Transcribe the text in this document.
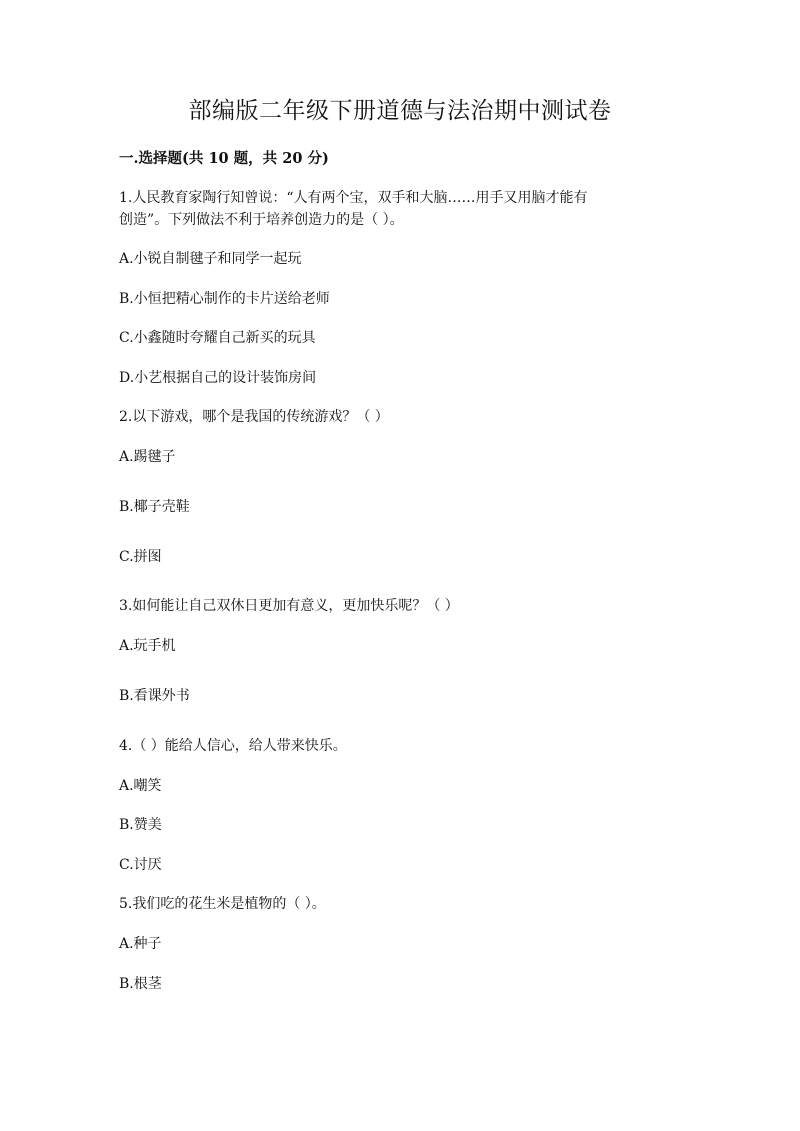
部编版二年级下册道德与法治期中测试卷
一.选择题(共 10 题，共 20 分)
1.人民教育家陶行知曾说：“人有两个宝，双手和大脑……用手又用脑才能有
创造”。下列做法不利于培养创造力的是（ ）。
A.小锐自制毽子和同学一起玩
B.小恒把精心制作的卡片送给老师
C.小鑫随时夸耀自己新买的玩具
D.小艺根据自己的设计装饰房间
2.以下游戏，哪个是我国的传统游戏？（ ）
A.踢毽子
B.椰子壳鞋
C.拼图
3.如何能让自己双休日更加有意义，更加快乐呢？（ ）
A.玩手机
B.看课外书
4.（ ）能给人信心，给人带来快乐。
A.嘲笑
B.赞美
C.讨厌
5.我们吃的花生米是植物的（ ）。
A.种子
B.根茎
